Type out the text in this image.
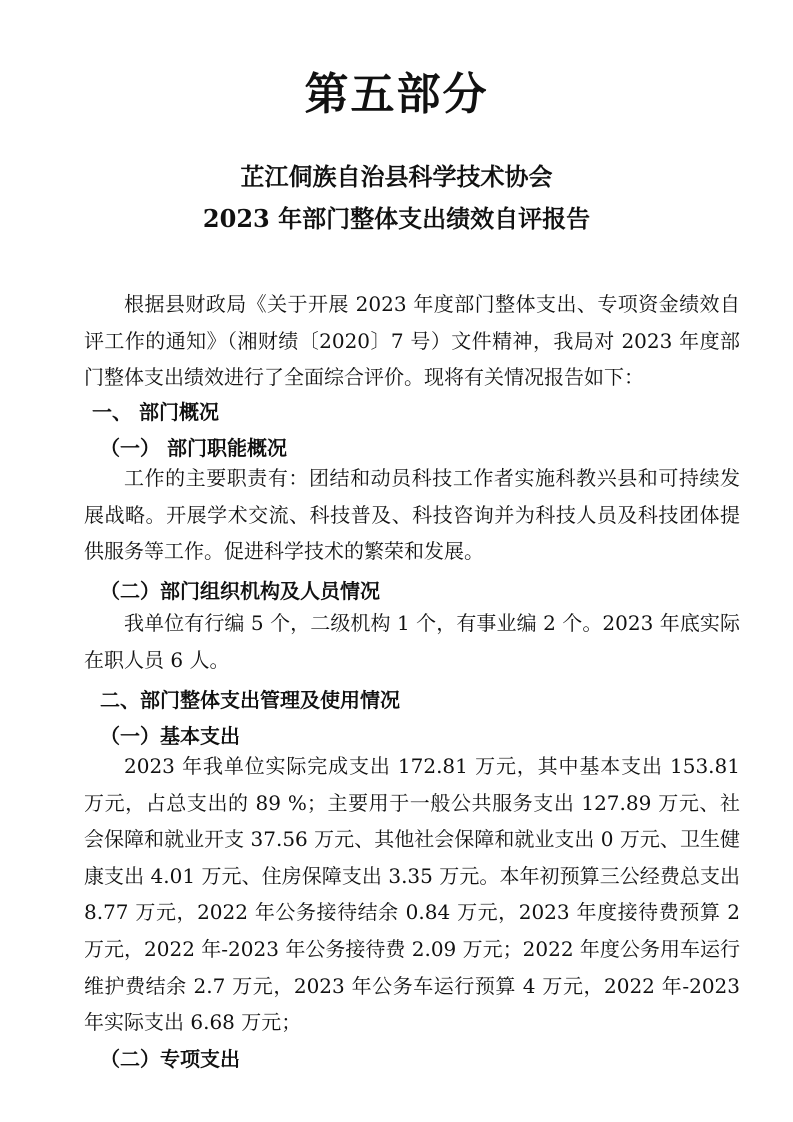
第五部分
芷江侗族自治县科学技术协会
2023 年部门整体支出绩效自评报告

根据县财政局《关于开展 2023 年度部门整体支出、专项资金绩效自评工作的通知》（湘财绩〔2020〕7 号）文件精神，我局对 2023 年度部门整体支出绩效进行了全面综合评价。现将有关情况报告如下：

一、 部门概况

（一） 部门职能概况

工作的主要职责有：团结和动员科技工作者实施科教兴县和可持续发展战略。开展学术交流、科技普及、科技咨询并为科技人员及科技团体提供服务等工作。促进科学技术的繁荣和发展。

（二）部门组织机构及人员情况

我单位有行编 5 个，二级机构 1 个，有事业编 2 个。2023 年底实际在职人员 6 人。

二、部门整体支出管理及使用情况

（一）基本支出

2023 年我单位实际完成支出 172.81 万元，其中基本支出 153.81 万元，占总支出的 89 %；主要用于一般公共服务支出 127.89 万元、社会保障和就业开支 37.56 万元、其他社会保障和就业支出 0 万元、卫生健康支出 4.01 万元、住房保障支出 3.35 万元。本年初预算三公经费总支出 8.77 万元，2022 年公务接待结余 0.84 万元，2023 年度接待费预算 2 万元，2022 年-2023 年公务接待费 2.09 万元；2022 年度公务用车运行维护费结余 2.7 万元，2023 年公务车运行预算 4 万元，2022 年-2023 年实际支出 6.68 万元；

（二）专项支出
